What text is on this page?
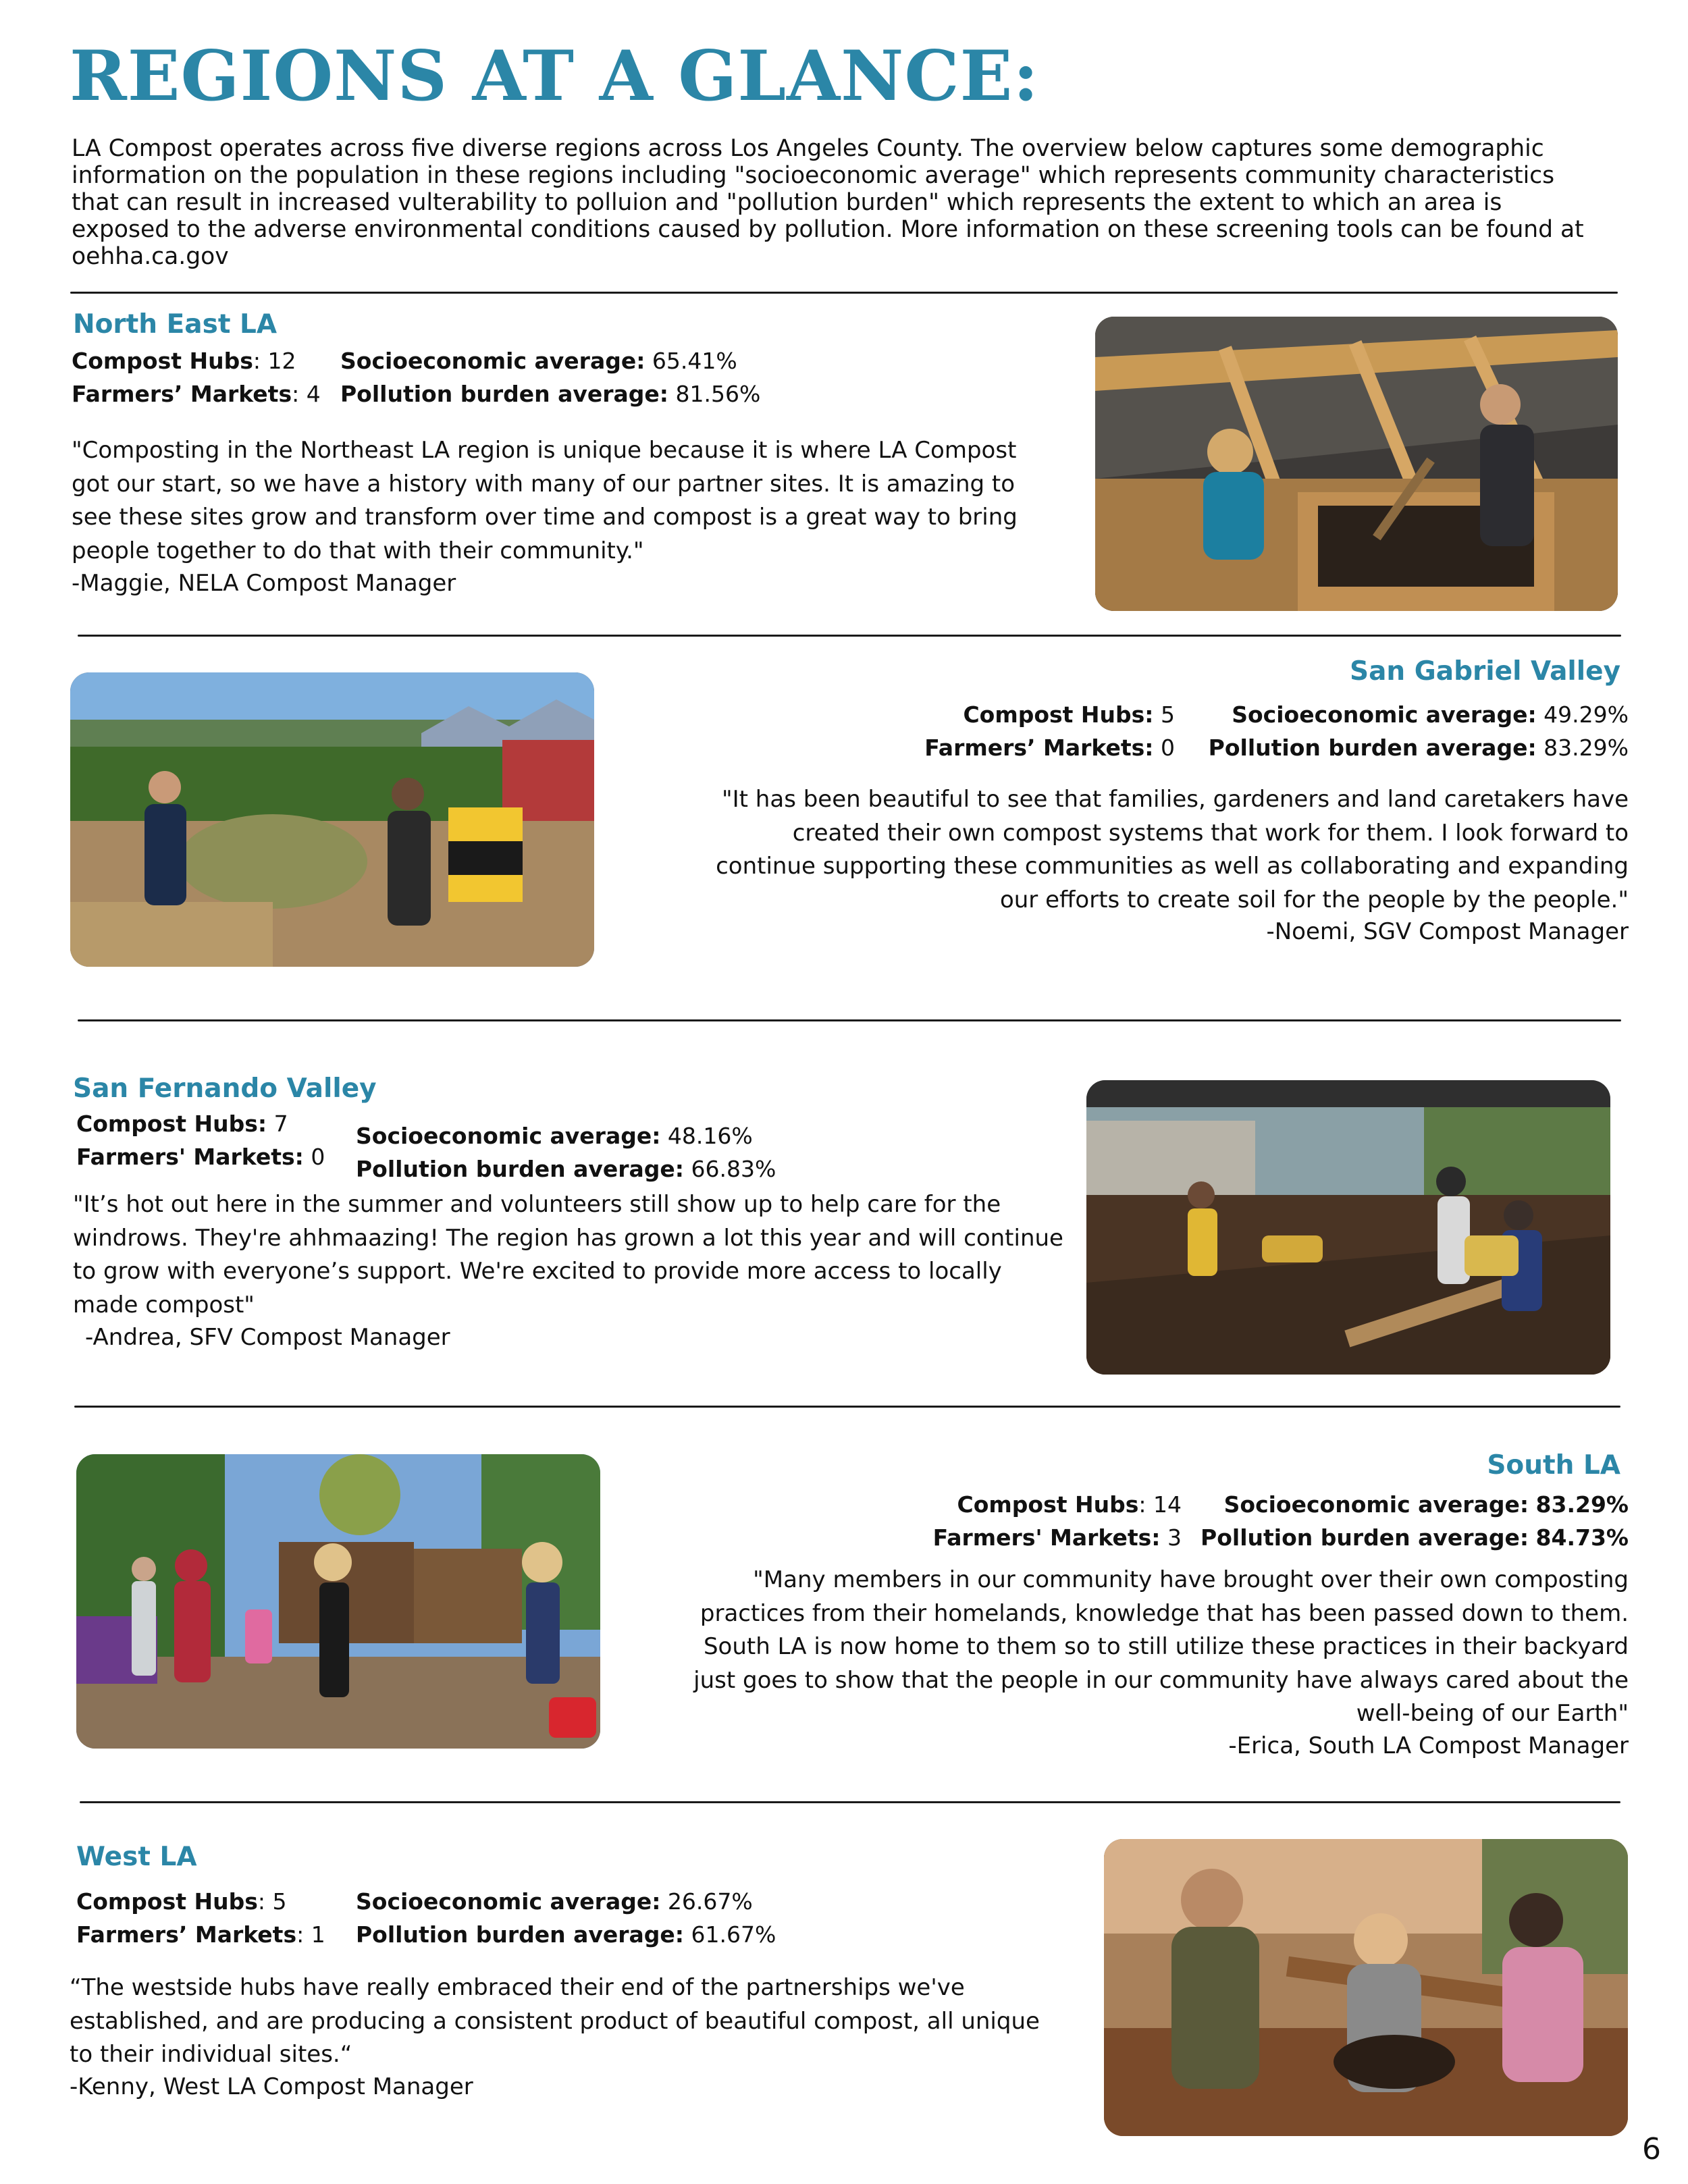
REGIONS AT A GLANCE:

LA Compost operates across five diverse regions across Los Angeles County. The overview below captures some demographic information on the population in these regions including "socioeconomic average" which represents community characteristics that can result in increased vulterability to polluion and "pollution burden" which represents the extent to which an area is exposed to the adverse environmental conditions caused by pollution. More information on these screening tools can be found at oehha.ca.gov

North East LA
Compost Hubs: 12
Farmers’ Markets: 4
Socioeconomic average: 65.41%
Pollution burden average: 81.56%

"Composting in the Northeast LA region is unique because it is where LA Compost got our start, so we have a history with many of our partner sites. It is amazing to see these sites grow and transform over time and compost is a great way to bring people together to do that with their community."

-Maggie, NELA Compost Manager
San Gabriel Valley
Compost Hubs: 5
Farmers’ Markets: 0
Socioeconomic average: 49.29%
Pollution burden average: 83.29%

"It has been beautiful to see that families, gardeners and land caretakers have created their own compost systems that work for them. I look forward to continue supporting these communities as well as collaborating and expanding our efforts to create soil for the people by the people."

-Noemi, SGV Compost Manager
San Fernando Valley
Compost Hubs: 7
Farmers' Markets: 0
Socioeconomic average: 48.16%
Pollution burden average: 66.83%

"It’s hot out here in the summer and volunteers still show up to help care for the windrows. They're ahhmaazing! The region has grown a lot this year and will continue to grow with everyone’s support. We're excited to provide more access to locally made compost"

-Andrea, SFV Compost Manager
South LA
Compost Hubs: 14
Farmers' Markets: 3
Socioeconomic average: 83.29%
Pollution burden average: 84.73%

"Many members in our community have brought over their own composting practices from their homelands, knowledge that has been passed down to them. South LA is now home to them so to still utilize these practices in their backyard just goes to show that the people in our community have always cared about the well-being of our Earth"

-Erica, South LA Compost Manager
West LA
Compost Hubs: 5
Farmers’ Markets: 1
Socioeconomic average: 26.67%
Pollution burden average: 61.67%

“The westside hubs have really embraced their end of the partnerships we've established, and are producing a consistent product of beautiful compost, all unique to their individual sites.“

-Kenny, West LA Compost Manager
6
